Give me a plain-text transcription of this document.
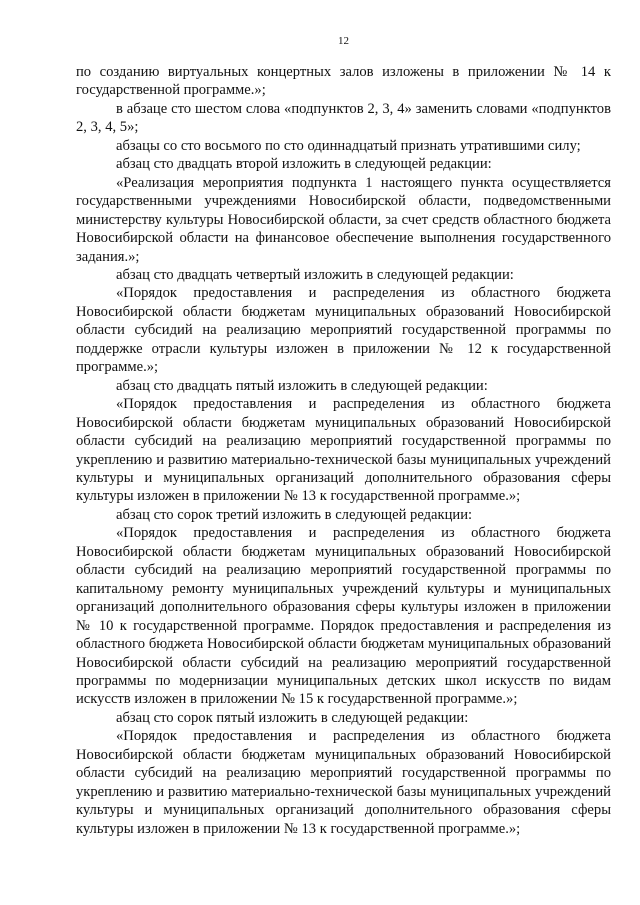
12

по созданию виртуальных концертных залов изложены в приложении № 14 к государственной программе.»;

в абзаце сто шестом слова «подпунктов 2, 3, 4» заменить словами «подпунктов 2, 3, 4, 5»;

абзацы со сто восьмого по сто одиннадцатый признать утратившими силу;

абзац сто двадцать второй изложить в следующей редакции:

«Реализация мероприятия подпункта 1 настоящего пункта осуществляется государственными учреждениями Новосибирской области, подведомственными министерству культуры Новосибирской области, за счет средств областного бюджета Новосибирской области на финансовое обеспечение выполнения государственного задания.»;

абзац сто двадцать четвертый изложить в следующей редакции:

«Порядок предоставления и распределения из областного бюджета Новосибирской области бюджетам муниципальных образований Новосибирской области субсидий на реализацию мероприятий государственной программы по поддержке отрасли культуры изложен в приложении № 12 к государственной программе.»;

абзац сто двадцать пятый изложить в следующей редакции:

«Порядок предоставления и распределения из областного бюджета Новосибирской области бюджетам муниципальных образований Новосибирской области субсидий на реализацию мероприятий государственной программы по укреплению и развитию материально-технической базы муниципальных учреждений культуры и муниципальных организаций дополнительного образования сферы культуры изложен в приложении № 13 к государственной программе.»;

абзац сто сорок третий изложить в следующей редакции:

«Порядок предоставления и распределения из областного бюджета Новосибирской области бюджетам муниципальных образований Новосибирской области субсидий на реализацию мероприятий государственной программы по капитальному ремонту муниципальных учреждений культуры и муниципальных организаций дополнительного образования сферы культуры изложен в приложении № 10 к государственной программе. Порядок предоставления и распределения из областного бюджета Новосибирской области бюджетам муниципальных образований Новосибирской области субсидий на реализацию мероприятий государственной программы по модернизации муниципальных детских школ искусств по видам искусств изложен в приложении № 15 к государственной программе.»;

абзац сто сорок пятый изложить в следующей редакции:

«Порядок предоставления и распределения из областного бюджета Новосибирской области бюджетам муниципальных образований Новосибирской области субсидий на реализацию мероприятий государственной программы по укреплению и развитию материально-технической базы муниципальных учреждений культуры и муниципальных организаций дополнительного образования сферы культуры изложен в приложении № 13 к государственной программе.»;
